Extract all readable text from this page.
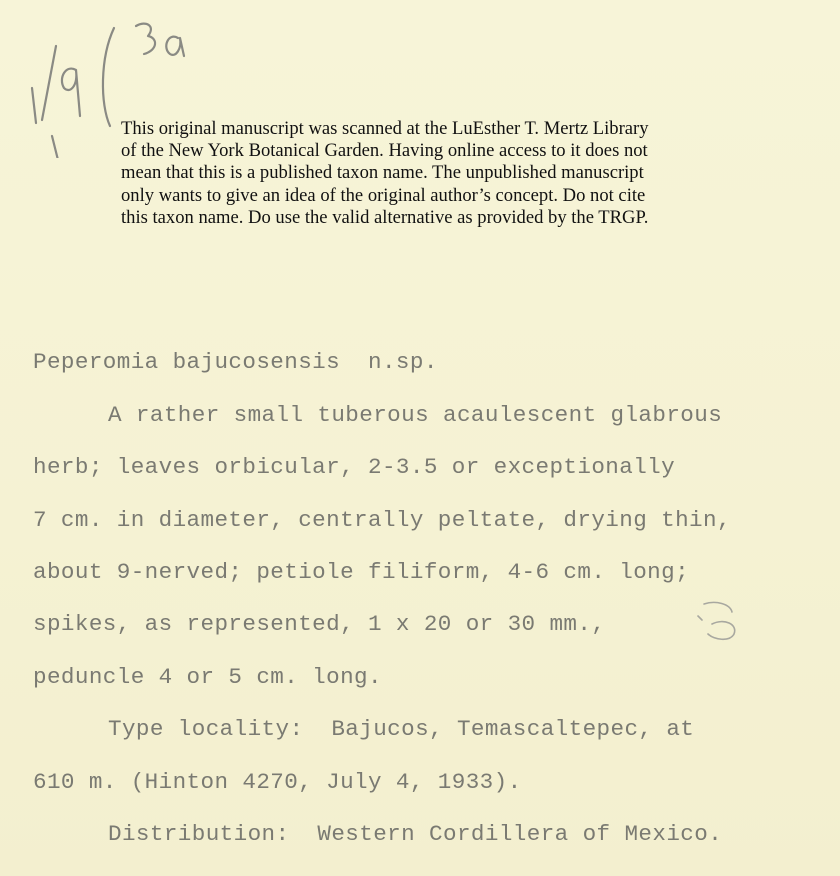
This original manuscript was scanned at the LuEsther T. Mertz Library
of the New York Botanical Garden. Having online access to it does not
mean that this is a published taxon name. The unpublished manuscript
only wants to give an idea of the original author’s concept. Do not cite
this taxon name. Do use the valid alternative as provided by the TRGP.
Peperomia bajucosensis  n.sp.
A rather small tuberous acaulescent glabrous
herb; leaves orbicular, 2-3.5 or exceptionally
7 cm. in diameter, centrally peltate, drying thin,
about 9-nerved; petiole filiform, 4-6 cm. long;
spikes, as represented, 1 x 20 or 30 mm.,
peduncle 4 or 5 cm. long.
Type locality:  Bajucos, Temascaltepec, at
610 m. (Hinton 4270, July 4, 1933).
Distribution:  Western Cordillera of Mexico.
